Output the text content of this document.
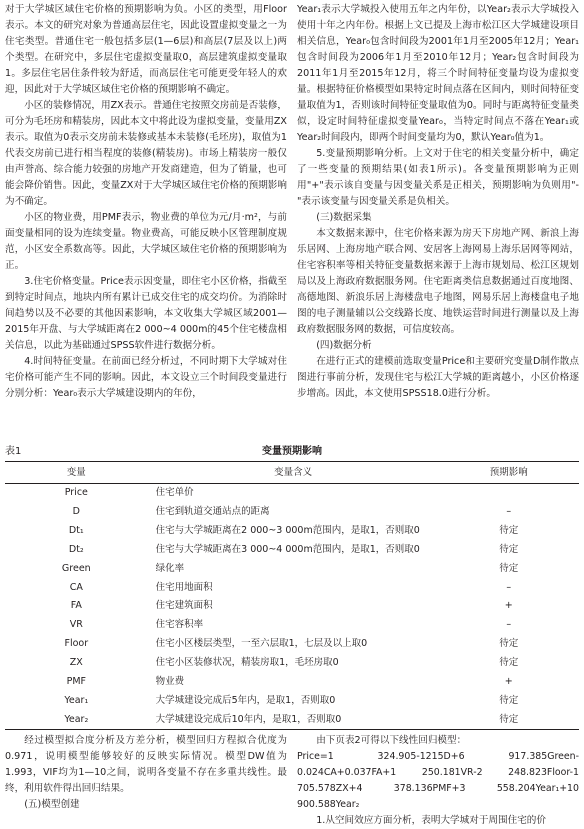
对于大学城区域住宅价格的预期影响为负。小区的类型，用Floor表示。本文的研究对象为普通高层住宅，因此设置虚拟变量之一为住宅类型。普通住宅一般包括多层(1—6层)和高层(7层及以上)两个类型。在研究中，多层住宅虚拟变量取0，高层建筑虚拟变量取1。多层住宅居住条件较为舒适，而高层住宅可能更受年轻人的欢迎，因此对于大学城区域住宅价格的预期影响不确定。

小区的装修情况，用ZX表示。普通住宅按照交房前是否装修，可分为毛坯房和精装房，因此本文中将此设为虚拟变量，变量用ZX表示。取值为0表示交房前未装修或基本未装修(毛坯房)，取值为1代表交房前已进行相当程度的装修(精装房)。市场上精装房一般仅由声誉高、综合能力较强的房地产开发商建造，但为了销量，也可能会降价销售。因此，变量ZX对于大学城区域住宅价格的预期影响为不确定。

小区的物业费，用PMF表示，物业费的单位为元/月·m²，与前面变量相同的设为连续变量。物业费高，可能反映小区管理制度规范，小区安全系数高等。因此，大学城区域住宅价格的预期影响为正。

3.住宅价格变量。Price表示因变量，即住宅小区价格，指截至到特定时间点，地块内所有累计已成交住宅的成交均价。为消除时间趋势以及不必要的其他因素影响，本文收集大学城区域2001—2015年开盘、与大学城距离在2 000~4 000m的45个住宅楼盘相关信息，以此为基础通过SPSS软件进行数据分析。

4.时间特征变量。在前面已经分析过，不同时期下大学城对住宅价格可能产生不同的影响。因此，本文设立三个时间段变量进行分别分析：Year₀表示大学城建设期内的年份，

Year₁表示大学城投入使用五年之内年份，以Year₂表示大学城投入使用十年之内年份。根据上文已提及上海市松江区大学城建设项目相关信息，Year₀包含时间段为2001年1月至2005年12月；Year₁包含时间段为2006年1月至2010年12月；Year₂包含时间段为2011年1月至2015年12月，将三个时间特征变量均设为虚拟变量。根据特征价格模型如果特定时间点落在区间内，则时间特征变量取值为1，否则该时间特征变量取值为0。同时与距离特征变量类似，设定时间特征虚拟变量Year₀，当特定时间点不落在Year₁或Year₂时间段内，即两个时间变量均为0，默认Year₀值为1。

5.变量预期影响分析。上文对于住宅的相关变量分析中，确定了一些变量的预期结果(如表1所示)。各变量预期影响为正则用"+"表示该自变量与因变量关系是正相关，预期影响为负则用"-"表示该变量与因变量关系是负相关。

(三)数据采集

本文数据来源中，住宅价格来源为房天下房地产网、新浪上海乐居网、上海房地产联合网、安居客上海网易上海乐居网等网站，住宅容积率等相关特征变量数据来源于上海市规划局、松江区规划局以及上海政府数据服务网。住宅距离类信息数据通过百度地图、高德地图、新浪乐居上海楼盘电子地图，网易乐居上海楼盘电子地图的电子测量辅以公交线路长度、地铁运营时间进行测量以及上海政府数据服务网的数据，可信度较高。

(四)数据分析

在进行正式的建模前选取变量Price和主要研究变量D制作散点图进行事前分析，发现住宅与松江大学城的距离越小，小区价格逐步增高。因此，本文使用SPSS18.0进行分析。

表1	变量预期影响
变量	变量含义	预期影响
Price	住宅单价	
D	住宅到轨道交通站点的距离	–
Dt₁	住宅与大学城距离在2 000~3 000m范围内，是取1，否则取0	待定
Dt₂	住宅与大学城距离在3 000~4 000m范围内，是取1，否则取0	待定
Green	绿化率	待定
CA	住宅用地面积	–
FA	住宅建筑面积	+
VR	住宅容积率	–
Floor	住宅小区楼层类型，一至六层取1，七层及以上取0	待定
ZX	住宅小区装修状况，精装房取1，毛坯房取0	待定
PMF	物业费	+
Year₁	大学城建设完成后5年内，是取1，否则取0	待定
Year₂	大学城建设完成后10年内，是取1，否则取0	待定

经过模型拟合度分析及方差分析，模型回归方程拟合优度为0.971，说明模型能够较好的反映实际情况。模型DW值为1.993，VIF均为1—10之间，说明各变量不存在多重共线性。最终，利用软件得出回归结果。

(五)模型创建

由下页表2可得以下线性回归模型：

Price=1 324.905-1215D+6 917.385Green-0.024CA+0.037FA+1 250.181VR-2 248.823Floor-1 705.578ZX+4 378.136PMF+3 558.204Year₁+10 900.588Year₂

1.从空间效应方面分析，表明大学城对于周围住宅的价
